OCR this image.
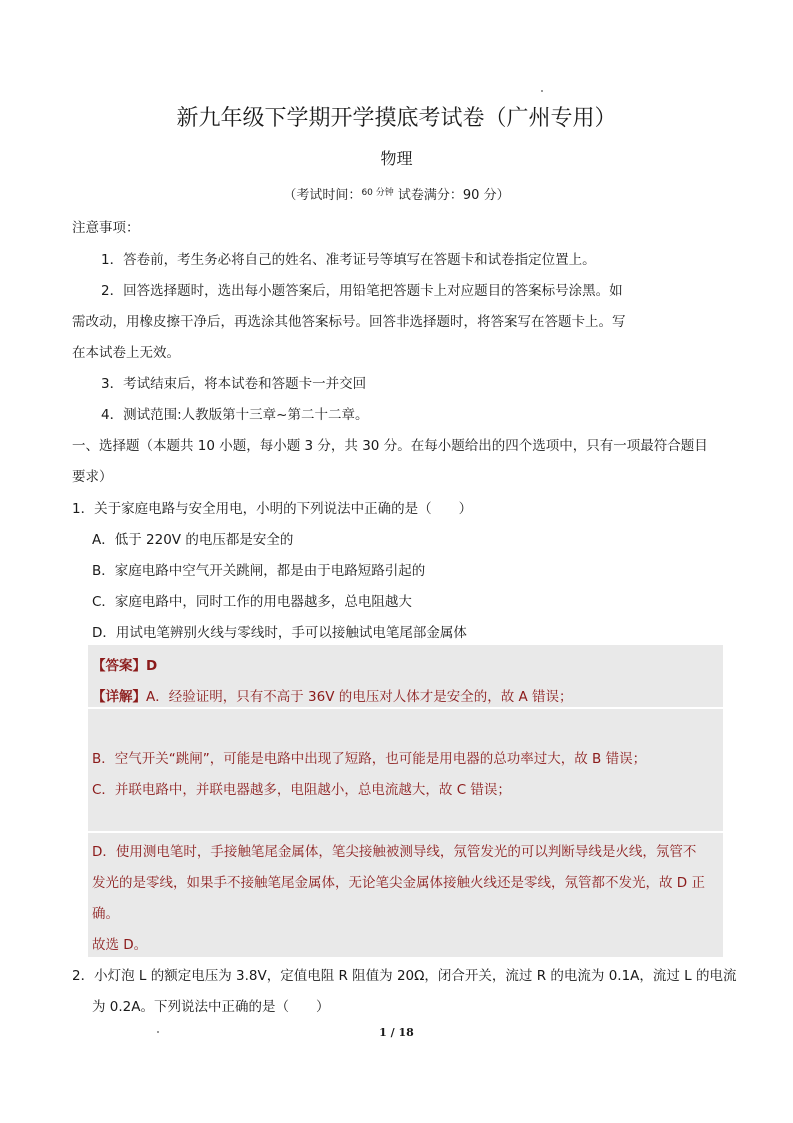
新九年级下学期开学摸底考试卷（广州专用）
物理
（考试时间：$^{60 分钟}$ 试卷满分：90 分）
注意事项：
1．答卷前，考生务必将自己的姓名、准考证号等填写在答题卡和试卷指定位置上。
2．回答选择题时，选出每小题答案后，用铅笔把答题卡上对应题目的答案标号涂黑。如
需改动，用橡皮擦干净后，再选涂其他答案标号。回答非选择题时，将答案写在答题卡上。写
在本试卷上无效。
3．考试结束后，将本试卷和答题卡一并交回
4．测试范围:人教版第十三章~第二十二章。
一、选择题（本题共 10 小题，每小题 3 分，共 30 分。在每小题给出的四个选项中，只有一项最符合题目
要求）
1．关于家庭电路与安全用电，小明的下列说法中正确的是（　　）
A．低于 220V 的电压都是安全的
B．家庭电路中空气开关跳闸，都是由于电路短路引起的
C．家庭电路中，同时工作的用电器越多，总电阻越大
D．用试电笔辨别火线与零线时，手可以接触试电笔尾部金属体
【答案】D
【详解】A．经验证明，只有不高于 36V 的电压对人体才是安全的，故 A 错误；
B．空气开关“跳闸”，可能是电路中出现了短路，也可能是用电器的总功率过大，故 B 错误；
C．并联电路中，并联电器越多，电阻越小，总电流越大，故 C 错误；
D．使用测电笔时，手接触笔尾金属体，笔尖接触被测导线，氖管发光的可以判断导线是火线，氖管不
发光的是零线，如果手不接触笔尾金属体，无论笔尖金属体接触火线还是零线，氖管都不发光，故 D 正
确。
故选 D。
2．小灯泡 L 的额定电压为 3.8V，定值电阻 R 阻值为 20Ω，闭合开关，流过 R 的电流为 0.1A，流过 L 的电流
为 0.2A。下列说法中正确的是（　　）
1 / 18
